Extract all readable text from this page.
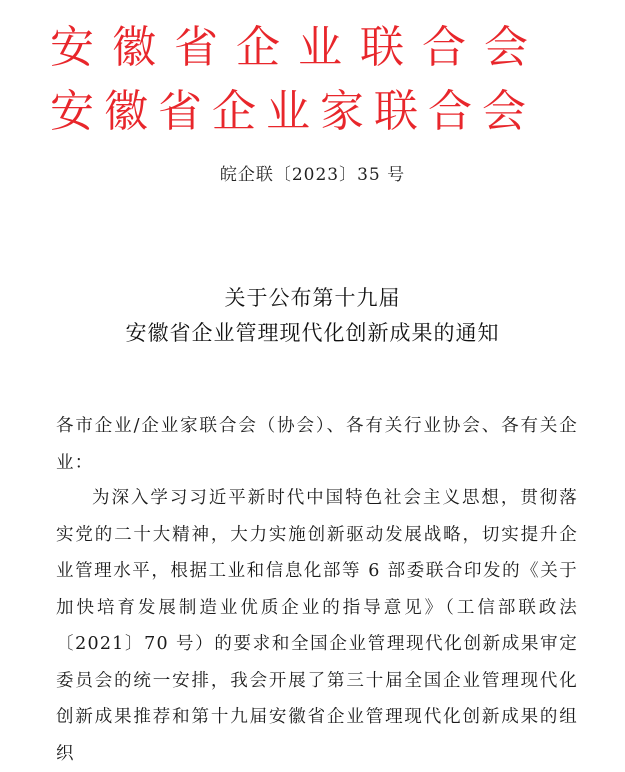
安徽省企业联合会
安徽省企业家联合会
皖企联〔2023〕35 号
关于公布第十九届
安徽省企业管理现代化创新成果的通知
各市企业/企业家联合会（协会）、各有关行业协会、各有关企业：
为深入学习习近平新时代中国特色社会主义思想，贯彻落实党的二十大精神，大力实施创新驱动发展战略，切实提升企业管理水平，根据工业和信息化部等 6 部委联合印发的《关于加快培育发展制造业优质企业的指导意见》（工信部联政法〔2021〕70 号）的要求和全国企业管理现代化创新成果审定委员会的统一安排，我会开展了第三十届全国企业管理现代化创新成果推荐和第十九届安徽省企业管理现代化创新成果的组织
